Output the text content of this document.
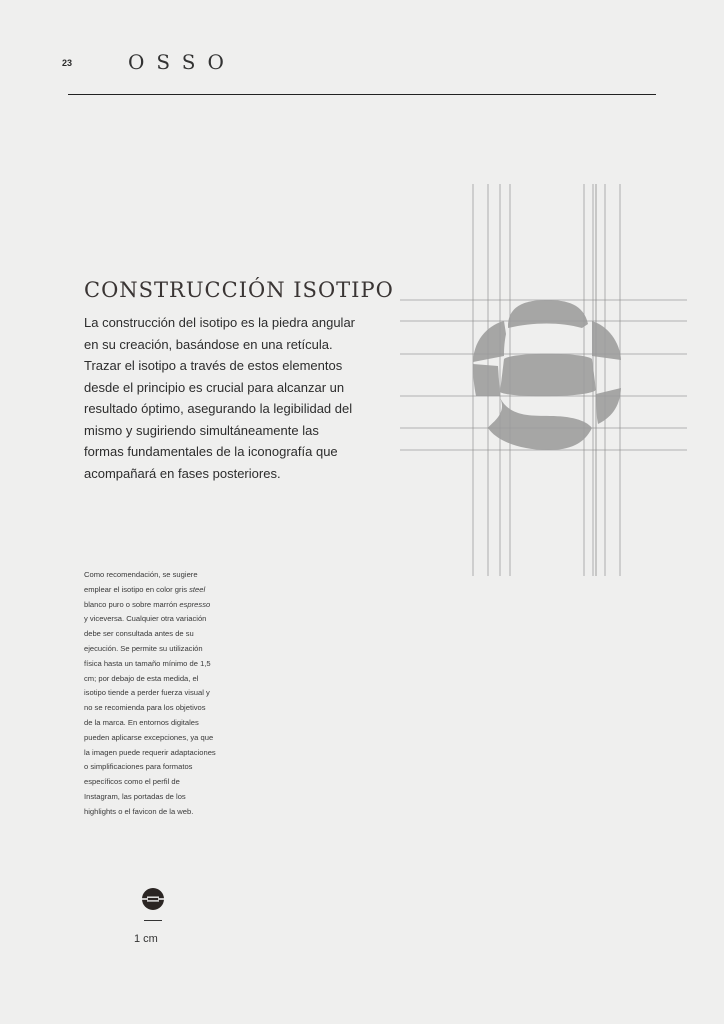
23	OSSO
CONSTRUCCIÓN ISOTIPO

La construcción del isotipo es la piedra angular en su creación, basándose en una retícula. Trazar el isotipo a través de estos elementos desde el principio es crucial para alcanzar un resultado óptimo, asegurando la legibilidad del mismo y sugiriendo simultáneamente las formas fundamentales de la iconografía que acompañará en fases posteriores.

Como recomendación, se sugiere emplear el isotipo en color gris steel blanco puro o sobre marrón espresso y viceversa. Cualquier otra variación debe ser consultada antes de su ejecución. Se permite su utilización física hasta un tamaño mínimo de 1,5 cm; por debajo de esta medida, el isotipo tiende a perder fuerza visual y no se recomienda para los objetivos de la marca. En entornos digitales pueden aplicarse excepciones, ya que la imagen puede requerir adaptaciones o simplificaciones para formatos específicos como el perfil de Instagram, las portadas de los highlights o el favicon de la web.

1 cm
